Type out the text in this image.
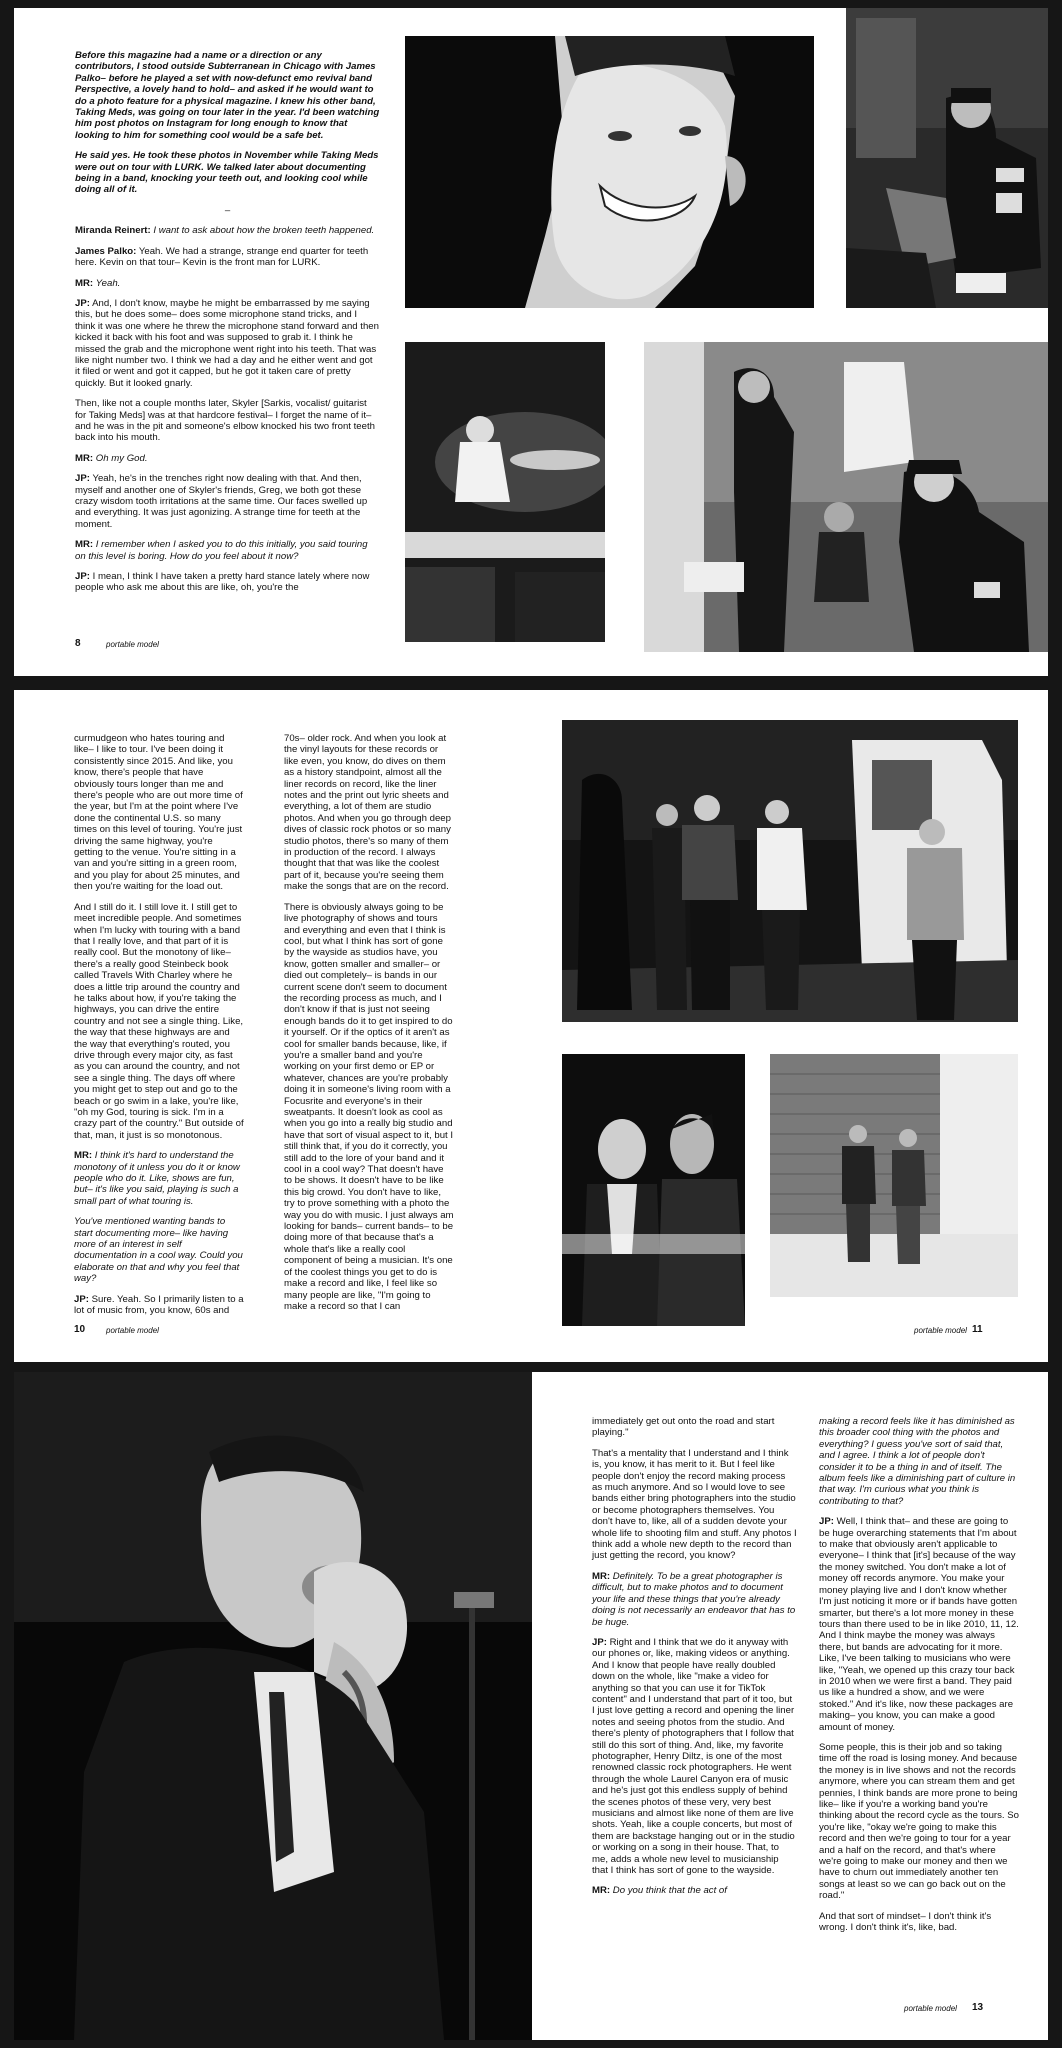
Before this magazine had a name or a direction or any contributors, I stood outside Subterranean in Chicago with James Palko– before he played a set with now-defunct emo revival band Perspective, a lovely hand to hold– and asked if he would want to do a photo feature for a physical magazine. I knew his other band, Taking Meds, was going on tour later in the year. I'd been watching him post photos on Instagram for long enough to know that looking to him for something cool would be a safe bet.

He said yes. He took these photos in November while Taking Meds were out on tour with LURK. We talked later about documenting being in a band, knocking your teeth out, and looking cool while doing all of it.

–

Miranda Reinert: I want to ask about how the broken teeth happened.

James Palko: Yeah. We had a strange, strange end quarter for teeth here. Kevin on that tour– Kevin is the front man for LURK.

MR: Yeah.

JP: And, I don't know, maybe he might be embarrassed by me saying this, but he does some– does some microphone stand tricks, and I think it was one where he threw the microphone stand forward and then kicked it back with his foot and was supposed to grab it. I think he missed the grab and the microphone went right into his teeth. That was like night number two. I think we had a day and he either went and got it filed or went and got it capped, but he got it taken care of pretty quickly. But it looked gnarly.

Then, like not a couple months later, Skyler [Sarkis, vocalist/ guitarist for Taking Meds] was at that hardcore festival– I forget the name of it– and he was in the pit and someone's elbow knocked his two front teeth back into his mouth.

MR: Oh my God.

JP: Yeah, he's in the trenches right now dealing with that. And then, myself and another one of Skyler's friends, Greg, we both got these crazy wisdom tooth irritations at the same time. Our faces swelled up and everything. It was just agonizing. A strange time for teeth at the moment.

MR: I remember when I asked you to do this initially, you said touring on this level is boring. How do you feel about it now?

JP: I mean, I think I have taken a pretty hard stance lately where now people who ask me about this are like, oh, you're the

8	portable model

curmudgeon who hates touring and like– I like to tour. I've been doing it consistently since 2015. And like, you know, there's people that have obviously tours longer than me and there's people who are out more time of the year, but I'm at the point where I've done the continental U.S. so many times on this level of touring. You're just driving the same highway, you're getting to the venue. You're sitting in a van and you're sitting in a green room, and you play for about 25 minutes, and then you're waiting for the load out.

And I still do it. I still love it. I still get to meet incredible people. And sometimes when I'm lucky with touring with a band that I really love, and that part of it is really cool. But the monotony of like– there's a really good Steinbeck book called Travels With Charley where he does a little trip around the country and he talks about how, if you're taking the highways, you can drive the entire country and not see a single thing. Like, the way that these highways are and the way that everything's routed, you drive through every major city, as fast as you can around the country, and not see a single thing. The days off where you might get to step out and go to the beach or go swim in a lake, you're like, "oh my God, touring is sick. I'm in a crazy part of the country." But outside of that, man, it just is so monotonous.

MR: I think it's hard to understand the monotony of it unless you do it or know people who do it. Like, shows are fun, but– it's like you said, playing is such a small part of what touring is.

You've mentioned wanting bands to start documenting more– like having more of an interest in self documentation in a cool way. Could you elaborate on that and why you feel that way?

JP: Sure. Yeah. So I primarily listen to a lot of music from, you know, 60s and

70s– older rock. And when you look at the vinyl layouts for these records or like even, you know, do dives on them as a history standpoint, almost all the liner records on record, like the liner notes and the print out lyric sheets and everything, a lot of them are studio photos. And when you go through deep dives of classic rock photos or so many studio photos, there's so many of them in production of the record. I always thought that that was like the coolest part of it, because you're seeing them make the songs that are on the record.

There is obviously always going to be live photography of shows and tours and everything and even that I think is cool, but what I think has sort of gone by the wayside as studios have, you know, gotten smaller and smaller– or died out completely– is bands in our current scene don't seem to document the recording process as much, and I don't know if that is just not seeing enough bands do it to get inspired to do it yourself. Or if the optics of it aren't as cool for smaller bands because, like, if you're a smaller band and you're working on your first demo or EP or whatever, chances are you're probably doing it in someone's living room with a Focusrite and everyone's in their sweatpants. It doesn't look as cool as when you go into a really big studio and have that sort of visual aspect to it, but I still think that, if you do it correctly, you still add to the lore of your band and it cool in a cool way? That doesn't have to be shows. It doesn't have to be like this big crowd. You don't have to like, try to prove something with a photo the way you do with music. I just always am looking for bands– current bands– to be doing more of that because that's a whole that's like a really cool component of being a musician. It's one of the coolest things you get to do is make a record and like, I feel like so many people are like, "I'm going to make a record so that I can

10	portable model	portable model 11

immediately get out onto the road and start playing."

That's a mentality that I understand and I think is, you know, it has merit to it. But I feel like people don't enjoy the record making process as much anymore. And so I would love to see bands either bring photographers into the studio or become photographers themselves. You don't have to, like, all of a sudden devote your whole life to shooting film and stuff. Any photos I think add a whole new depth to the record than just getting the record, you know?

MR: Definitely. To be a great photographer is difficult, but to make photos and to document your life and these things that you're already doing is not necessarily an endeavor that has to be huge.

JP: Right and I think that we do it anyway with our phones or, like, making videos or anything. And I know that people have really doubled down on the whole, like "make a video for anything so that you can use it for TikTok content" and I understand that part of it too, but I just love getting a record and opening the liner notes and seeing photos from the studio. And there's plenty of photographers that I follow that still do this sort of thing. And, like, my favorite photographer, Henry Diltz, is one of the most renowned classic rock photographers. He went through the whole Laurel Canyon era of music and he's just got this endless supply of behind the scenes photos of these very, very best musicians and almost like none of them are live shots. Yeah, like a couple concerts, but most of them are backstage hanging out or in the studio or working on a song in their house. That, to me, adds a whole new level to musicianship that I think has sort of gone to the wayside.

MR: Do you think that the act of

making a record feels like it has diminished as this broader cool thing with the photos and everything? I guess you've sort of said that, and I agree. I think a lot of people don't consider it to be a thing in and of itself. The album feels like a diminishing part of culture in that way. I'm curious what you think is contributing to that?

JP: Well, I think that– and these are going to be huge overarching statements that I'm about to make that obviously aren't applicable to everyone– I think that [it's] because of the way the money switched. You don't make a lot of money off records anymore. You make your money playing live and I don't know whether I'm just noticing it more or if bands have gotten smarter, but there's a lot more money in these tours than there used to be in like 2010, 11, 12. And I think maybe the money was always there, but bands are advocating for it more. Like, I've been talking to musicians who were like, "Yeah, we opened up this crazy tour back in 2010 when we were first a band. They paid us like a hundred a show, and we were stoked." And it's like, now these packages are making– you know, you can make a good amount of money.

Some people, this is their job and so taking time off the road is losing money. And because the money is in live shows and not the records anymore, where you can stream them and get pennies, I think bands are more prone to being like– like if you're a working band you're thinking about the record cycle as the tours. So you're like, "okay we're going to make this record and then we're going to tour for a year and a half on the record, and that's where we're going to make our money and then we have to churn out immediately another ten songs at least so we can go back out on the road."

And that sort of mindset– I don't think it's wrong. I don't think it's, like, bad.

portable model 13
